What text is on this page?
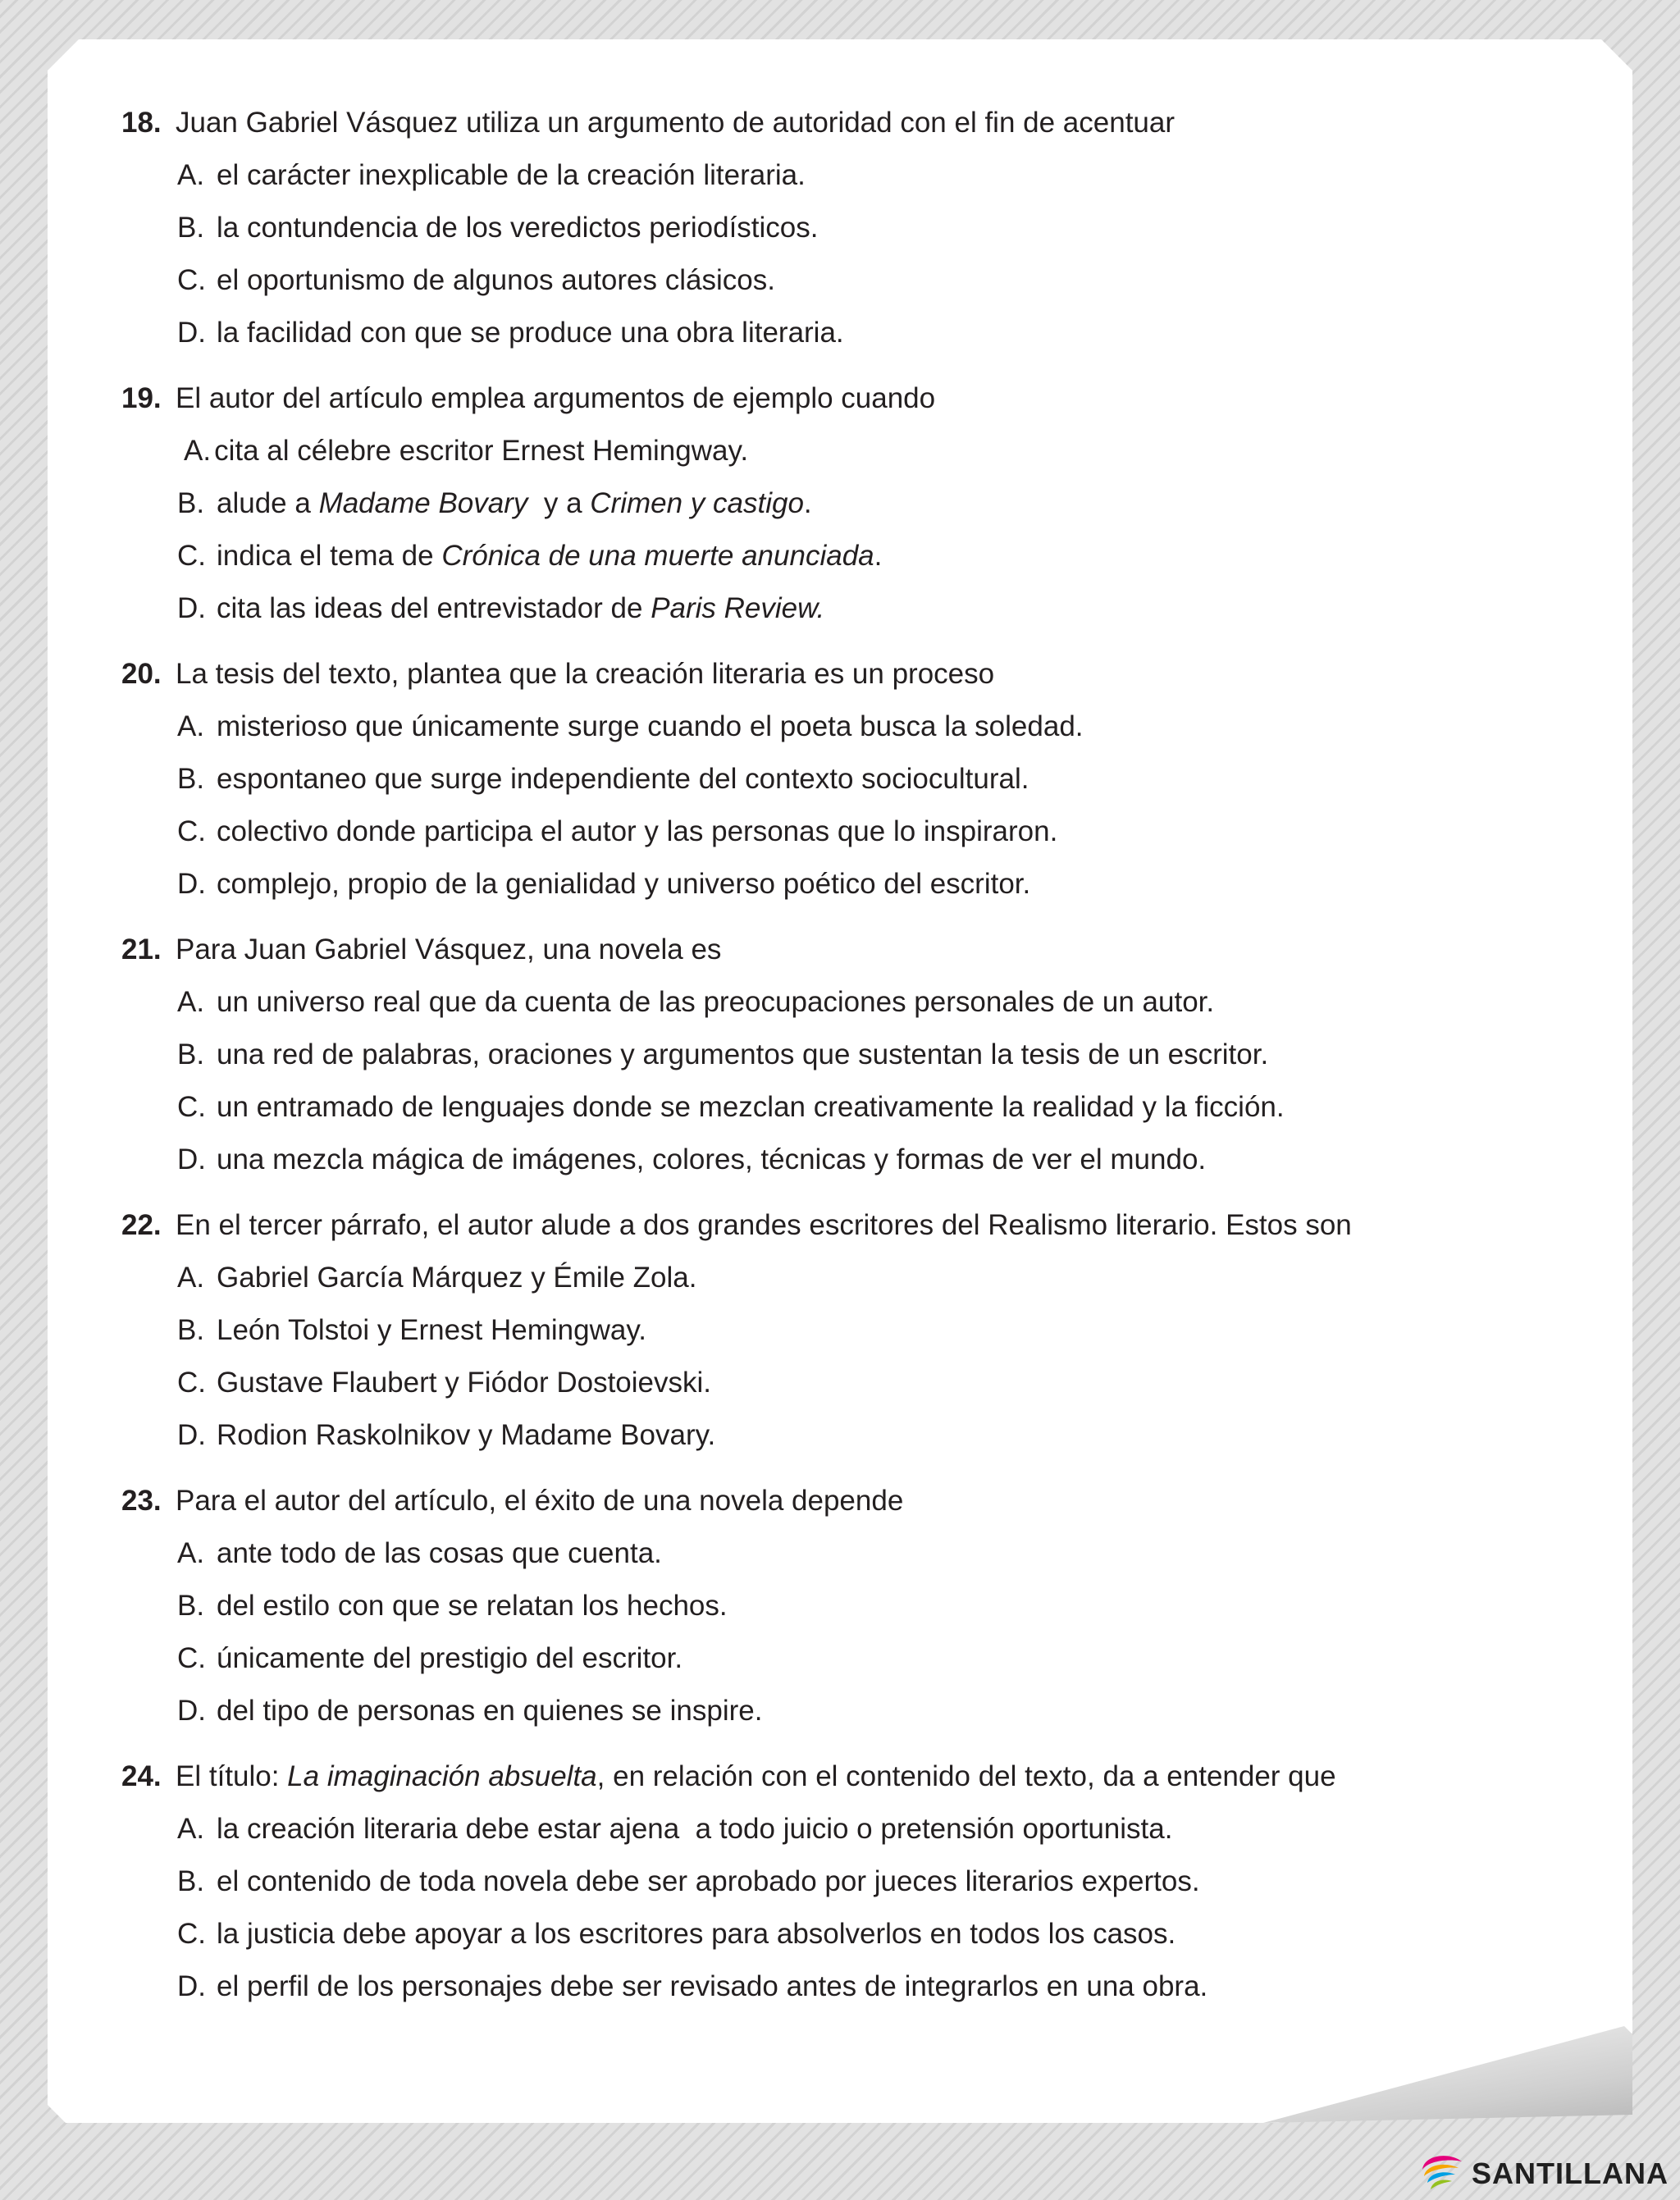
18. Juan Gabriel Vásquez utiliza un argumento de autoridad con el fin de acentuar
A. el carácter inexplicable de la creación literaria.
B. la contundencia de los veredictos periodísticos.
C. el oportunismo de algunos autores clásicos.
D. la facilidad con que se produce una obra literaria.
19. El autor del artículo emplea argumentos de ejemplo cuando
A. cita al célebre escritor Ernest Hemingway.
B. alude a Madame Bovary  y a Crimen y castigo.
C. indica el tema de Crónica de una muerte anunciada.
D. cita las ideas del entrevistador de Paris Review.
20. La tesis del texto, plantea que la creación literaria es un proceso
A. misterioso que únicamente surge cuando el poeta busca la soledad.
B. espontaneo que surge independiente del contexto sociocultural.
C. colectivo donde participa el autor y las personas que lo inspiraron.
D. complejo, propio de la genialidad y universo poético del escritor.
21. Para Juan Gabriel Vásquez, una novela es
A. un universo real que da cuenta de las preocupaciones personales de un autor.
B. una red de palabras, oraciones y argumentos que sustentan la tesis de un escritor.
C. un entramado de lenguajes donde se mezclan creativamente la realidad y la ficción.
D. una mezcla mágica de imágenes, colores, técnicas y formas de ver el mundo.
22. En el tercer párrafo, el autor alude a dos grandes escritores del Realismo literario. Estos son
A. Gabriel García Márquez y Émile Zola.
B. León Tolstoi y Ernest Hemingway.
C. Gustave Flaubert y Fiódor Dostoievski.
D. Rodion Raskolnikov y Madame Bovary.
23. Para el autor del artículo, el éxito de una novela depende
A. ante todo de las cosas que cuenta.
B. del estilo con que se relatan los hechos.
C. únicamente del prestigio del escritor.
D. del tipo de personas en quienes se inspire.
24. El título: La imaginación absuelta, en relación con el contenido del texto, da a entender que
A. la creación literaria debe estar ajena  a todo juicio o pretensión oportunista.
B. el contenido de toda novela debe ser aprobado por jueces literarios expertos.
C. la justicia debe apoyar a los escritores para absolverlos en todos los casos.
D. el perfil de los personajes debe ser revisado antes de integrarlos en una obra.
SANTILLANA
